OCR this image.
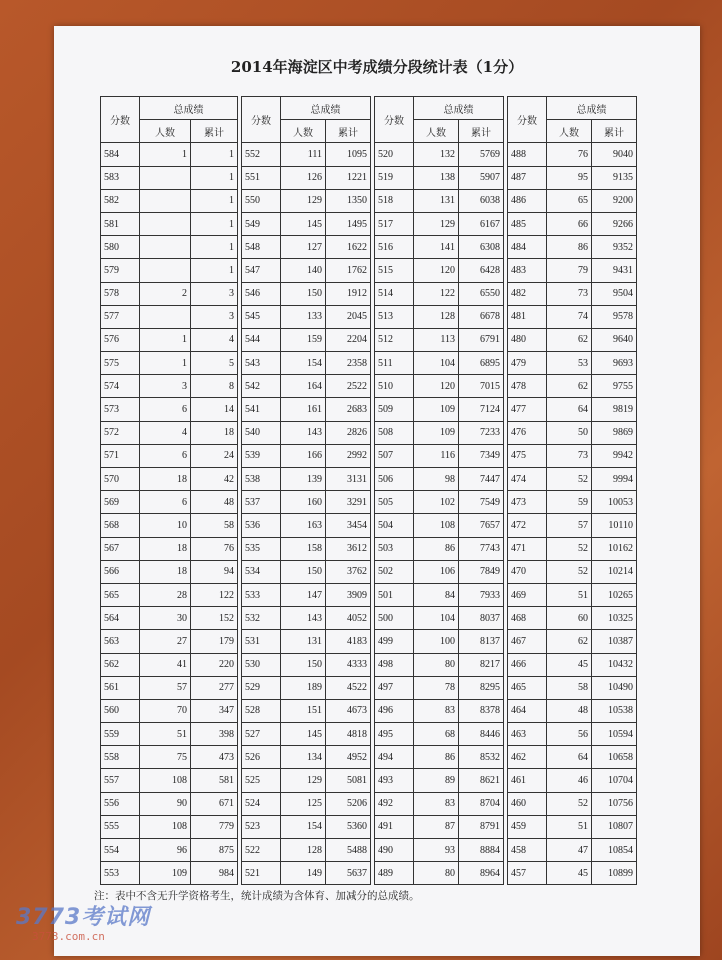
2014年海淀区中考成绩分段统计表（1分）
分数	总成绩	
	人数	累计
584	1	1
583		1
582		1
581		1
580		1
579		1
578	2	3
577		3
576	1	4
575	1	5
574	3	8
573	6	14
572	4	18
571	6	24
570	18	42
569	6	48
568	10	58
567	18	76
566	18	94
565	28	122
564	30	152
563	27	179
562	41	220
561	57	277
560	70	347
559	51	398
558	75	473
557	108	581
556	90	671
555	108	779
554	96	875
553	109	984
分数	总成绩	
	人数	累计
552	111	1095
551	126	1221
550	129	1350
549	145	1495
548	127	1622
547	140	1762
546	150	1912
545	133	2045
544	159	2204
543	154	2358
542	164	2522
541	161	2683
540	143	2826
539	166	2992
538	139	3131
537	160	3291
536	163	3454
535	158	3612
534	150	3762
533	147	3909
532	143	4052
531	131	4183
530	150	4333
529	189	4522
528	151	4673
527	145	4818
526	134	4952
525	129	5081
524	125	5206
523	154	5360
522	128	5488
521	149	5637
分数	总成绩	
	人数	累计
520	132	5769
519	138	5907
518	131	6038
517	129	6167
516	141	6308
515	120	6428
514	122	6550
513	128	6678
512	113	6791
511	104	6895
510	120	7015
509	109	7124
508	109	7233
507	116	7349
506	98	7447
505	102	7549
504	108	7657
503	86	7743
502	106	7849
501	84	7933
500	104	8037
499	100	8137
498	80	8217
497	78	8295
496	83	8378
495	68	8446
494	86	8532
493	89	8621
492	83	8704
491	87	8791
490	93	8884
489	80	8964
分数	总成绩	
	人数	累计
488	76	9040
487	95	9135
486	65	9200
485	66	9266
484	86	9352
483	79	9431
482	73	9504
481	74	9578
480	62	9640
479	53	9693
478	62	9755
477	64	9819
476	50	9869
475	73	9942
474	52	9994
473	59	10053
472	57	10110
471	52	10162
470	52	10214
469	51	10265
468	60	10325
467	62	10387
466	45	10432
465	58	10490
464	48	10538
463	56	10594
462	64	10658
461	46	10704
460	52	10756
459	51	10807
458	47	10854
457	45	10899
注：表中不含无升学资格考生，统计成绩为含体育、加减分的总成绩。
3773考试网
3773.com.cn
